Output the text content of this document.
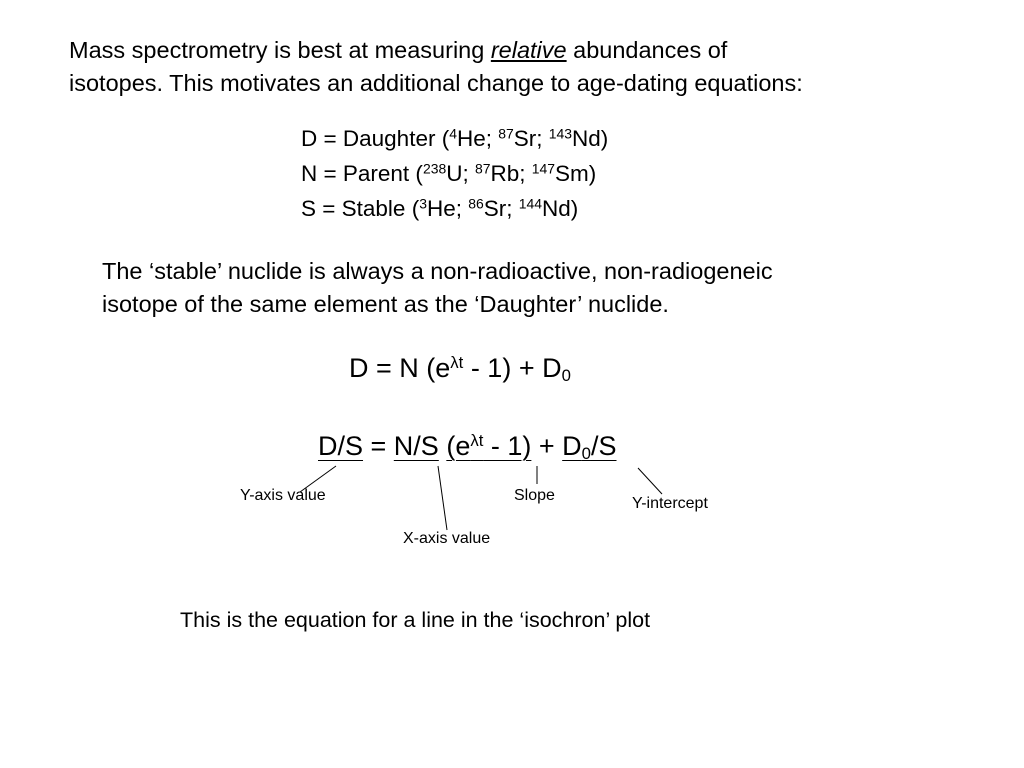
Mass spectrometry is best at measuring relative abundances of
isotopes. This motivates an additional change to age-dating equations:
D = Daughter ($^4$He; $^{87}$Sr; $^{143}$Nd)
N = Parent ($^{238}$U; $^{87}$Rb; $^{147}$Sm)
S = Stable ($^3$He; $^{86}$Sr; $^{144}$Nd)
The ‘stable’ nuclide is always a non-radioactive, non-radiogeneic
isotope of the same element as the ‘Daughter’ nuclide.
D = N $(e^{\lambda t} - 1) + D_0$
D/S = N/S $(e^{\lambda t} - 1) + D_0/S$
Y-axis value	Slope	Y-intercept
X-axis value
This is the equation for a line in the ‘isochron’ plot
